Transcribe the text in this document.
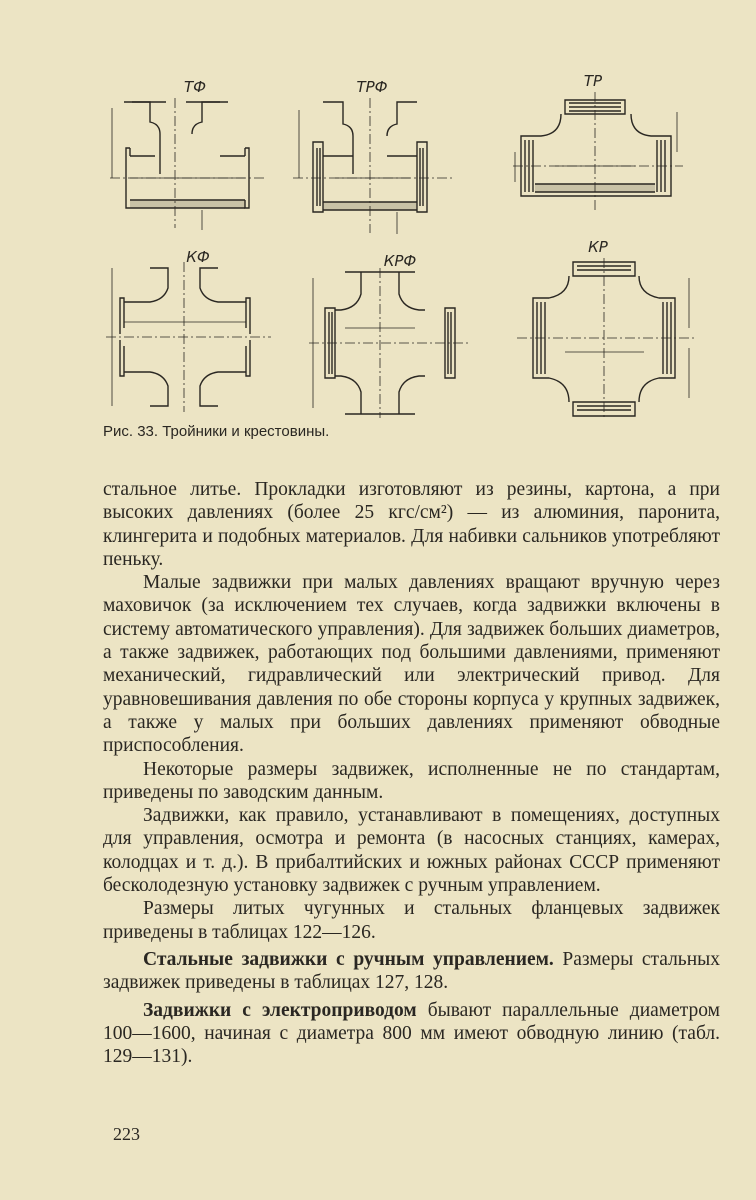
ТФ	ТРФ	ТР
КФ	КРФ
КР
Рис. 33. Тройники и крестовины.

стальное литье. Прокладки изготовляют из резины, картона, а при высоких давлениях (более 25 кгс/см²) — из алюминия, паронита, клингерита и подобных материалов. Для набивки сальников употребляют пеньку.

Малые задвижки при малых давлениях вращают вручную через маховичок (за исключением тех случаев, когда задвижки включены в систему автоматического управления). Для задвижек больших диаметров, а также задвижек, работающих под большими давлениями, применяют механический, гидравлический или электрический привод. Для уравновешивания давления по обе стороны корпуса у крупных задвижек, а также у малых при больших давлениях применяют обводные приспособления.

Некоторые размеры задвижек, исполненные не по стандартам, приведены по заводским данным.

Задвижки, как правило, устанавливают в помещениях, доступных для управления, осмотра и ремонта (в насосных станциях, камерах, колодцах и т. д.). В прибалтийских и южных районах СССР применяют бесколодезную установку задвижек с ручным управлением.

Размеры литых чугунных и стальных фланцевых задвижек приведены в таблицах 122—126.

Стальные задвижки с ручным управлением. Размеры стальных задвижек приведены в таблицах 127, 128.

Задвижки с электроприводом бывают параллельные диаметром 100—1600, начиная с диаметра 800 мм имеют обводную линию (табл. 129—131).

223
